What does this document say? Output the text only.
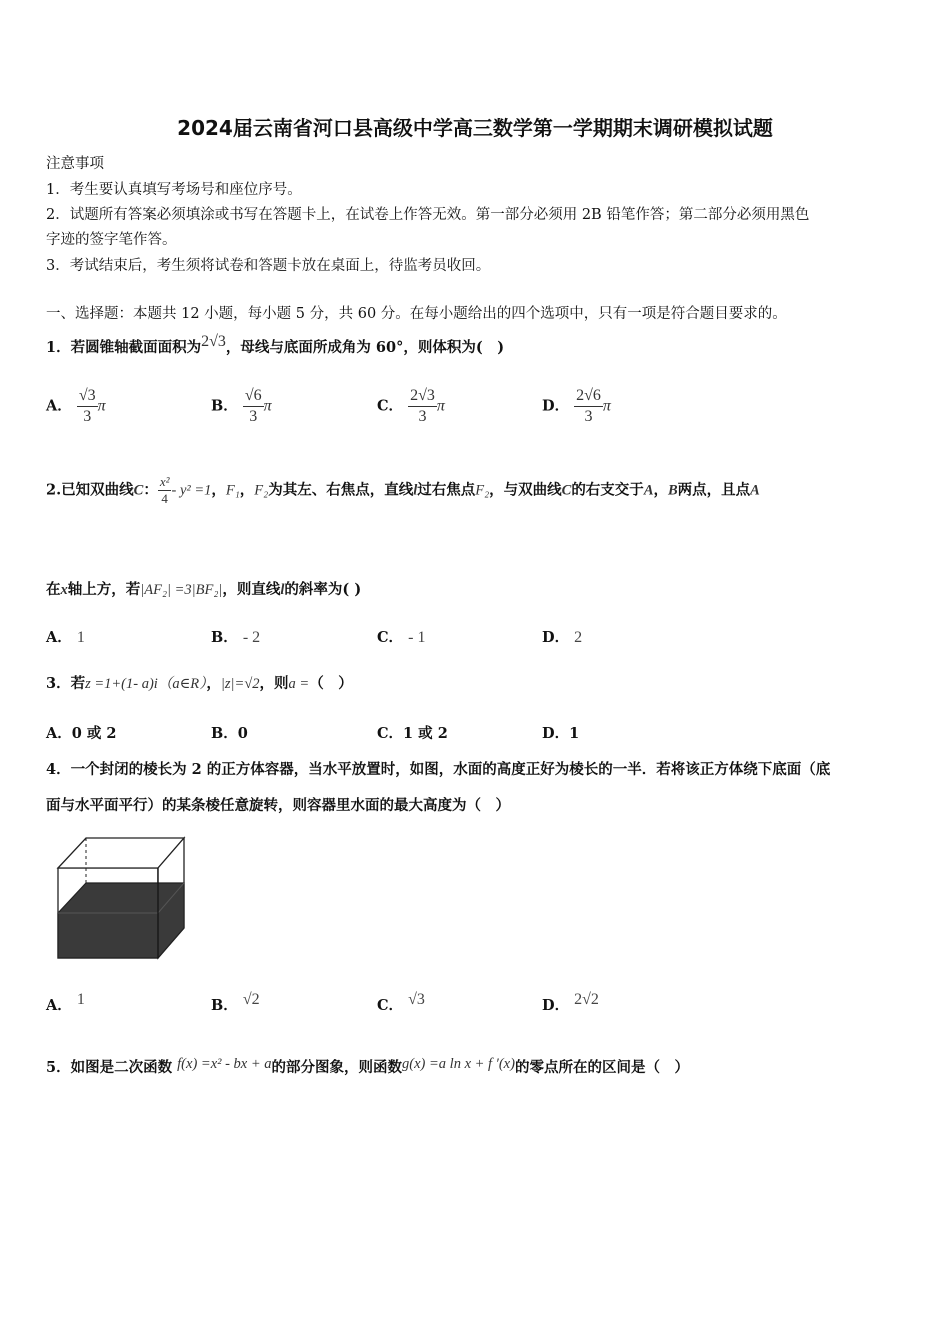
2024届云南省河口县高级中学高三数学第一学期期末调研模拟试题
注意事项
1．考生要认真填写考场号和座位序号。
2．试题所有答案必须填涂或书写在答题卡上，在试卷上作答无效。第一部分必须用 2B 铅笔作答；第二部分必须用黑色
字迹的签字笔作答。
3．考试结束后，考生须将试卷和答题卡放在桌面上，待监考员收回。
一、选择题：本题共 12 小题，每小题 5 分，共 60 分。在每小题给出的四个选项中，只有一项是符合题目要求的。
1．若圆锥轴截面面积为2√3，母线与底面所成角为 60°，则体积为(　)
A． $\frac{√3}{3}$ π	B． $\frac{√6}{3}$ π	C． $\frac{2√3}{3}$ π	D． $\frac{2√6}{3}$ π
2.已知双曲线C： $\frac{\text{x²}}{4} - y^2 =1$，F₁，F₂为其左、右焦点，直线l过右焦点F₂，与双曲线C的右支交于A，B两点，且点A
在x轴上方，若|AF₂| =3|BF₂|，则直线l的斜率为( )
A． 1	B． - 2	C． - 1	D． 2
3．若z =1+(1- a)i（a∈R），|z|=√2，则a =（　）
A．0 或 2	B．0	C．1 或 2	D．1
4．一个封闭的棱长为 2 的正方体容器，当水平放置时，如图，水面的高度正好为棱长的一半．若将该正方体绕下底面（底
面与水平面平行）的某条棱任意旋转，则容器里水面的最大高度为（　）
A． 1	B． √2	C． √3	D． 2√2
5．如图是二次函数 f(x) =x² - bx + a的部分图象，则函数g(x) =a ln x + f ′(x)的零点所在的区间是（　）
